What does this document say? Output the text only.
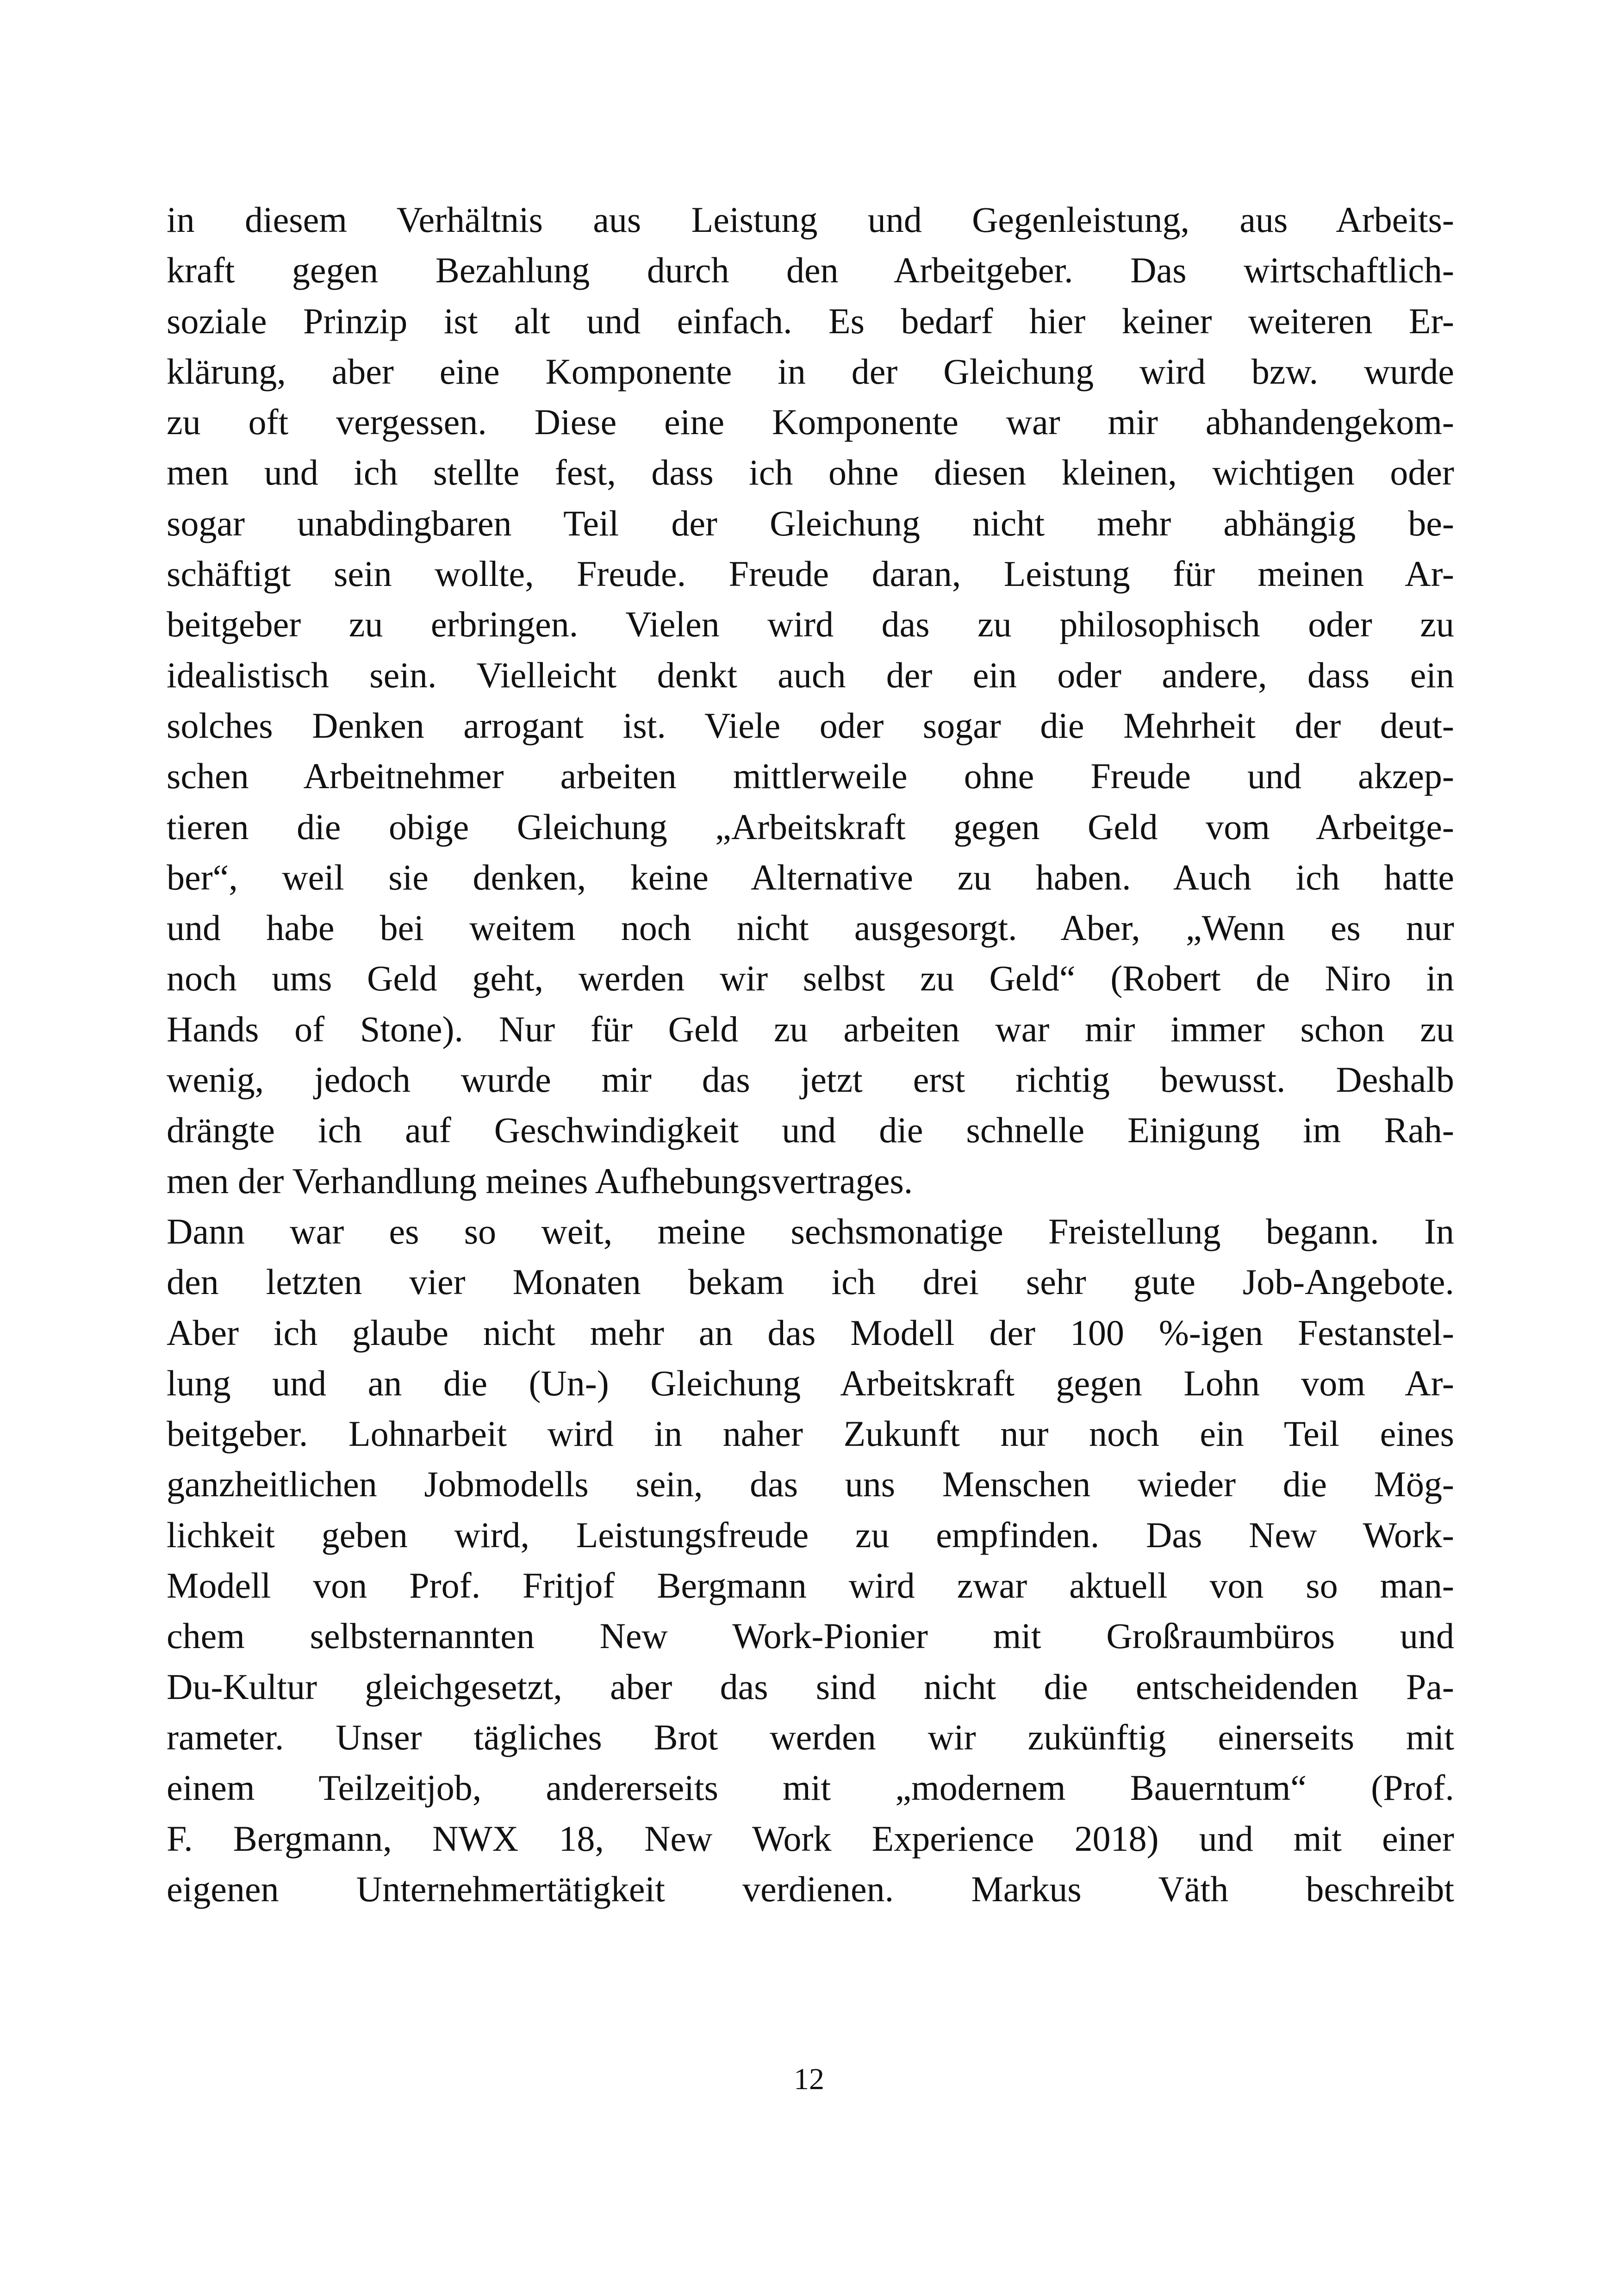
in diesem Verhältnis aus Leistung und Gegenleistung, aus Arbeits-
kraft gegen Bezahlung durch den Arbeitgeber. Das wirtschaftlich-
soziale Prinzip ist alt und einfach. Es bedarf hier keiner weiteren Er-
klärung, aber eine Komponente in der Gleichung wird bzw. wurde
zu oft vergessen. Diese eine Komponente war mir abhandengekom-
men und ich stellte fest, dass ich ohne diesen kleinen, wichtigen oder
sogar unabdingbaren Teil der Gleichung nicht mehr abhängig be-
schäftigt sein wollte, Freude. Freude daran, Leistung für meinen Ar-
beitgeber zu erbringen. Vielen wird das zu philosophisch oder zu
idealistisch sein. Vielleicht denkt auch der ein oder andere, dass ein
solches Denken arrogant ist. Viele oder sogar die Mehrheit der deut-
schen Arbeitnehmer arbeiten mittlerweile ohne Freude und akzep-
tieren die obige Gleichung „Arbeitskraft gegen Geld vom Arbeitge-
ber“, weil sie denken, keine Alternative zu haben. Auch ich hatte
und habe bei weitem noch nicht ausgesorgt. Aber, „Wenn es nur
noch ums Geld geht, werden wir selbst zu Geld“ (Robert de Niro in
Hands of Stone). Nur für Geld zu arbeiten war mir immer schon zu
wenig, jedoch wurde mir das jetzt erst richtig bewusst. Deshalb
drängte ich auf Geschwindigkeit und die schnelle Einigung im Rah-
men der Verhandlung meines Aufhebungsvertrages.
Dann war es so weit, meine sechsmonatige Freistellung begann. In
den letzten vier Monaten bekam ich drei sehr gute Job-Angebote.
Aber ich glaube nicht mehr an das Modell der 100 %-igen Festanstel-
lung und an die (Un-) Gleichung Arbeitskraft gegen Lohn vom Ar-
beitgeber. Lohnarbeit wird in naher Zukunft nur noch ein Teil eines
ganzheitlichen Jobmodells sein, das uns Menschen wieder die Mög-
lichkeit geben wird, Leistungsfreude zu empfinden. Das New Work-
Modell von Prof. Fritjof Bergmann wird zwar aktuell von so man-
chem selbsternannten New Work-Pionier mit Großraumbüros und
Du-Kultur gleichgesetzt, aber das sind nicht die entscheidenden Pa-
rameter. Unser tägliches Brot werden wir zukünftig einerseits mit
einem Teilzeitjob, andererseits mit „modernem Bauerntum“ (Prof.
F. Bergmann, NWX 18, New Work Experience 2018) und mit einer
eigenen Unternehmertätigkeit verdienen. Markus Väth beschreibt
12
